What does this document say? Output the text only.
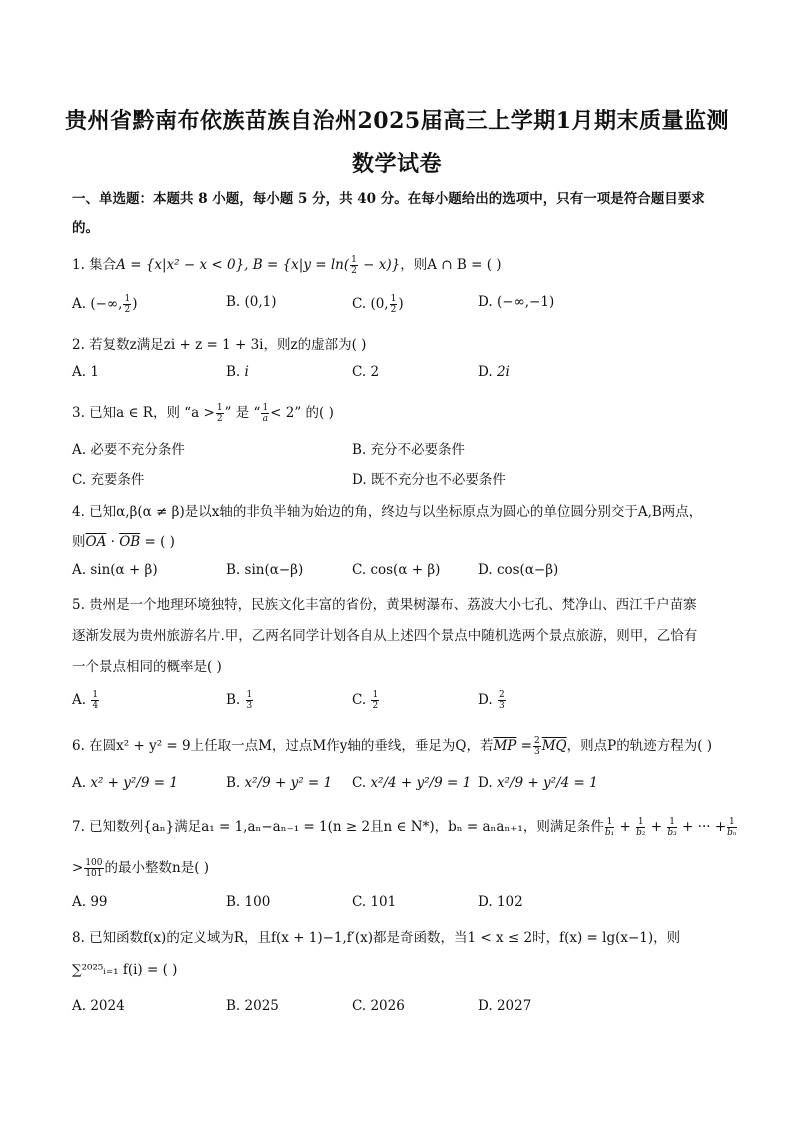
贵州省黔南布依族苗族自治州2025届高三上学期1月期末质量监测
数学试卷
一、单选题：本题共 8 小题，每小题 5 分，共 40 分。在每小题给出的选项中，只有一项是符合题目要求
的。
1. 集合A = {x|x² − x < 0}, $B = \{x|y = \ln( \frac{1}{2} - x)\}$，则A ∩ B = ( )
A. (−∞, $\frac{1}{2}$ )	B. (0,1)	C. (0, $\frac{1}{2}$ )	D. (−∞,−1)
2. 若复数z满足zi + z = 1 + 3i，则z的虚部为( )
A. 1	B. i	C. 2	D. 2i
3. 已知a ∈ R，则 “$a > \frac{1}{2}$ ” 是 “ $\frac{1}{a} < 2$” 的( )
A. 必要不充分条件	B. 充分不必要条件
C. 充要条件	D. 既不充分也不必要条件
4. 已知α,β(α ≠ β)是以x轴的非负半轴为始边的角，终边与以坐标原点为圆心的单位圆分别交于A,B两点，
则$\overline{OA} \cdot \overline{OB}$ = ( )
A. sin(α + β)	B. sin(α−β)	C. cos(α + β)	D. cos(α−β)
5. 贵州是一个地理环境独特，民族文化丰富的省份，黄果树瀑布、荔波大小七孔、梵净山、西江千户苗寨
逐渐发展为贵州旅游名片.甲，乙两名同学计划各自从上述四个景点中随机选两个景点旅游，则甲，乙恰有
一个景点相同的概率是( )
A. $\frac{1}{4}$	B. $\frac{1}{3}$	C. $\frac{1}{2}$	D. $\frac{2}{3}$
6. 在圆x² + y² = 9上任取一点M，过点M作y轴的垂线，垂足为Q，若$\overline{MP} = \frac{2}{3} \overline{MQ}$，则点P的轨迹方程为( )
A. x² + y²/9 = 1	B. x²/9 + y² = 1 C. x²/4 + y²/9 = 1 D. x²/9 + y²/4 = 1
7. 已知数列{aₙ}满足a₁ = 1,aₙ−aₙ₋₁ = 1(n ≥ 2且n ∈ N*)，bₙ = aₙaₙ₊₁，则满足条件 $\frac{1}{\text{b₁}} + \frac{1}{\text{b₂}} + \frac{1}{\text{b₃}}$ + ··· + $\frac{1}{\text{bₙ}}$
> $\frac{100}{101}$ 的最小整数n是( )
A. 99	B. 100	C. 101	D. 102
8. 已知函数f(x)的定义域为R，且f(x + 1)−1,f′(x)都是奇函数，当1 < x ≤ 2时，f(x) = lg(x−1)，则
∑²⁰²⁵ᵢ₌₁ f(i) = ( )
A. 2024	B. 2025	C. 2026	D. 2027
